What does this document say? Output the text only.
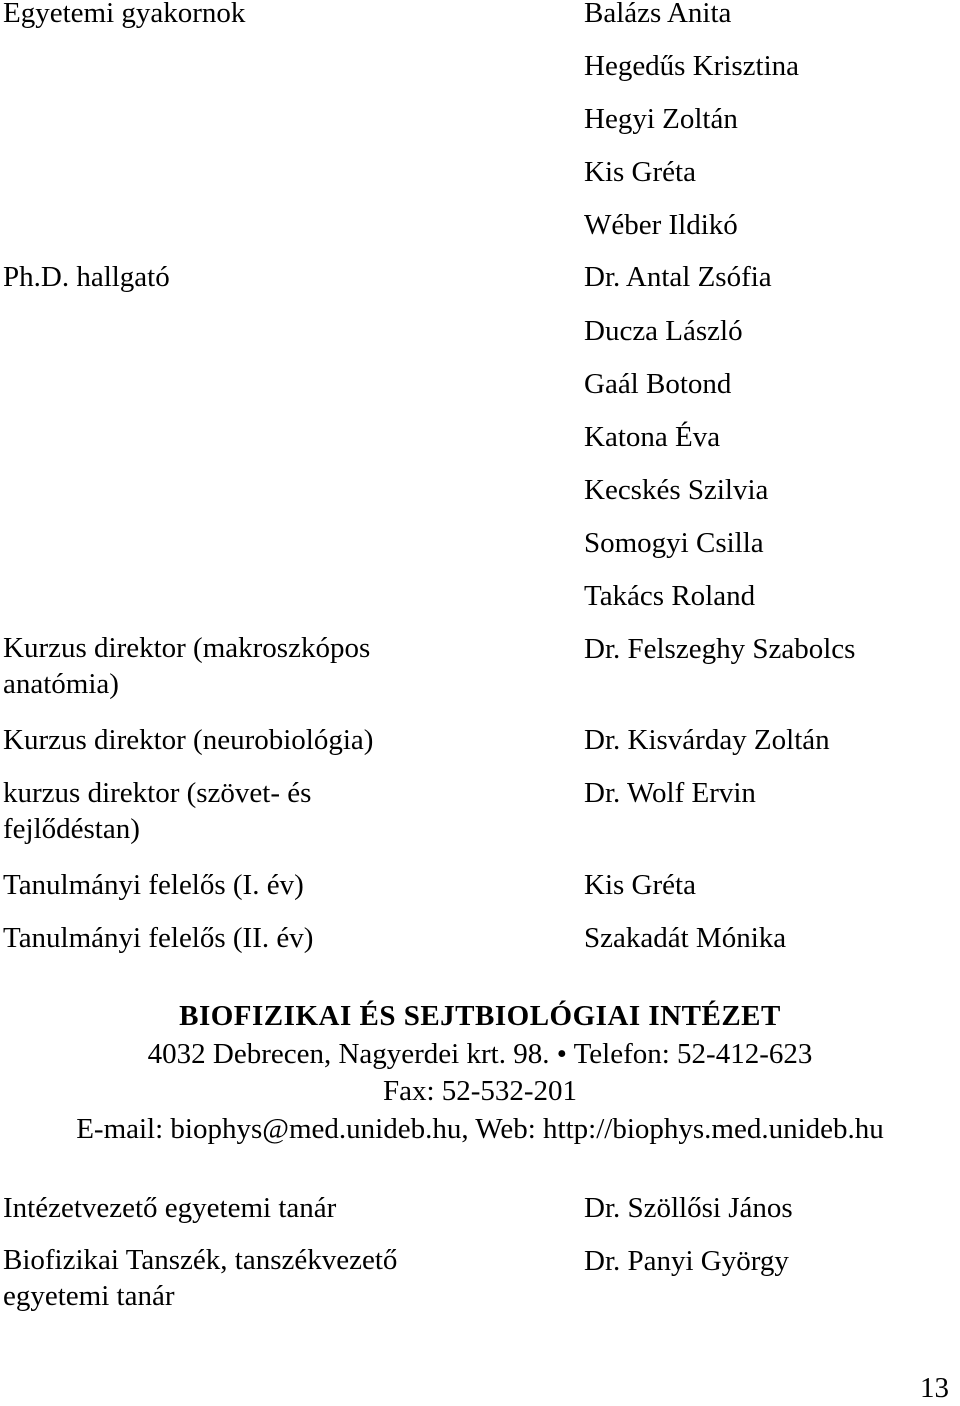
Egyetemi gyakornok

Ph.D. hallgató

Kurzus direktor (makroszkópos anatómia)

Kurzus direktor (neurobiológia)

kurzus direktor (szövet- és fejlődéstan)

Tanulmányi felelős (I. év)

Tanulmányi felelős (II. év)

Balázs Anita

Hegedűs Krisztina

Hegyi Zoltán

Kis Gréta

Wéber Ildikó

Dr. Antal Zsófia

Ducza László

Gaál Botond

Katona Éva

Kecskés Szilvia

Somogyi Csilla

Takács Roland

Dr. Felszeghy Szabolcs

Dr. Kisvárday Zoltán

Dr. Wolf Ervin

Kis Gréta

Szakadát Mónika

BIOFIZIKAI ÉS SEJTBIOLÓGIAI INTÉZET
4032 Debrecen, Nagyerdei krt. 98. • Telefon: 52-412-623
Fax: 52-532-201
E-mail: biophys@med.unideb.hu, Web: http://biophys.med.unideb.hu

Intézetvezető egyetemi tanár

Biofizikai Tanszék, tanszékvezető egyetemi tanár

Dr. Szöllősi János

Dr. Panyi György

13
